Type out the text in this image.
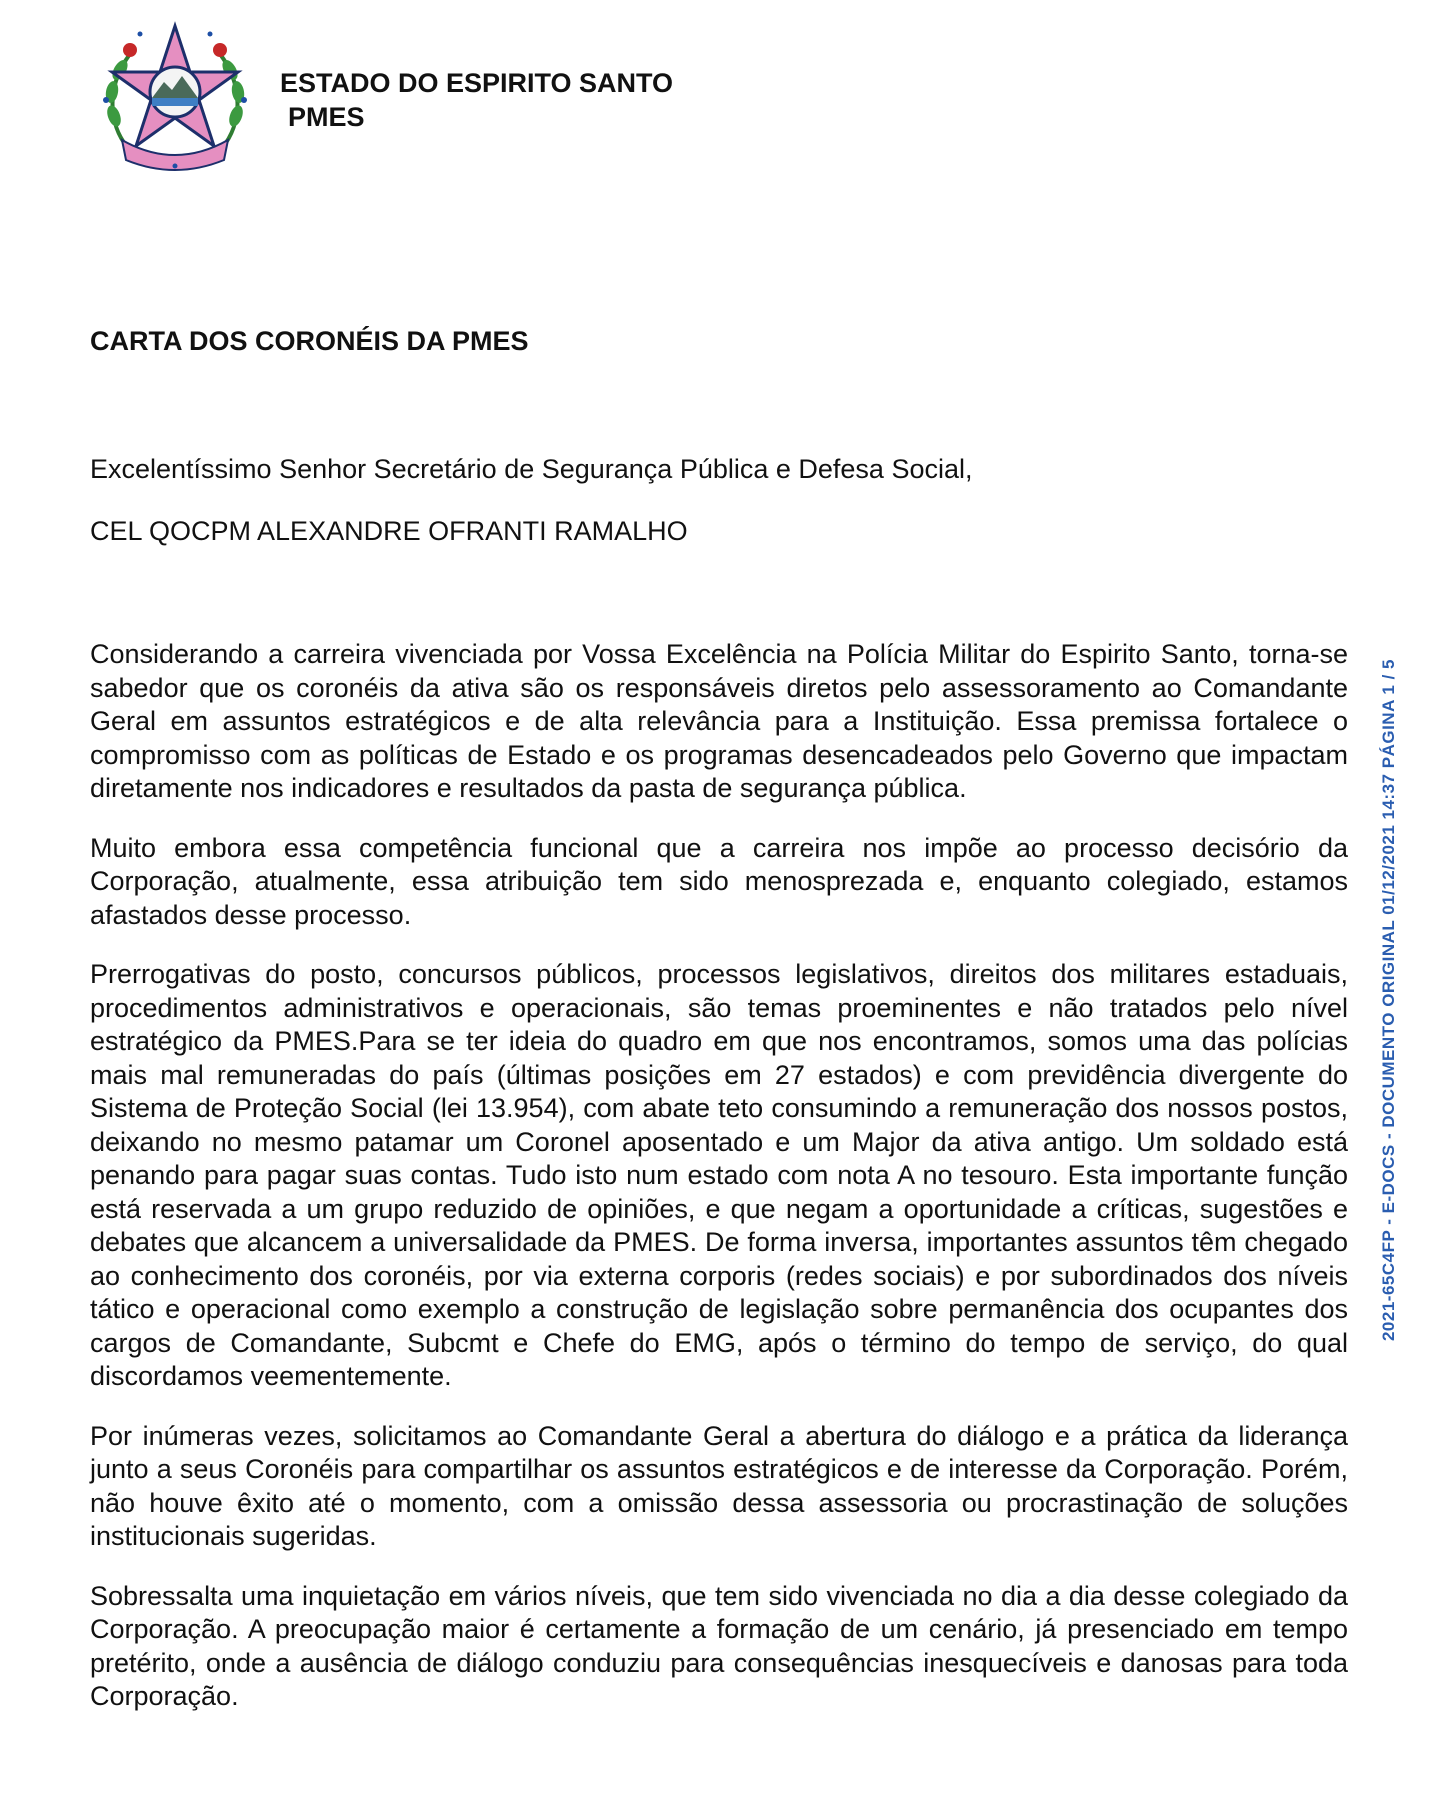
ESTADO DO ESPIRITO SANTO
PMES
CARTA DOS CORONÉIS DA PMES

Excelentíssimo Senhor Secretário de Segurança Pública e Defesa Social,

CEL QOCPM ALEXANDRE OFRANTI RAMALHO

Considerando a carreira vivenciada por Vossa Excelência na Polícia Militar do Espirito Santo, torna-se sabedor que os coronéis da ativa são os responsáveis diretos pelo assessoramento ao Comandante Geral em assuntos estratégicos e de alta relevância para a Instituição. Essa premissa fortalece o compromisso com as políticas de Estado e os programas desencadeados pelo Governo que impactam diretamente nos indicadores e resultados da pasta de segurança pública.

Muito embora essa competência funcional que a carreira nos impõe ao processo decisório da Corporação, atualmente, essa atribuição tem sido menosprezada e, enquanto colegiado, estamos afastados desse processo.

Prerrogativas do posto, concursos públicos, processos legislativos, direitos dos militares estaduais, procedimentos administrativos e operacionais, são temas proeminentes e não tratados pelo nível estratégico da PMES.Para se ter ideia do quadro em que nos encontramos, somos uma das polícias mais mal remuneradas do país (últimas posições em 27 estados) e com previdência divergente do Sistema de Proteção Social (lei 13.954), com abate teto consumindo a remuneração dos nossos postos, deixando no mesmo patamar um Coronel aposentado e um Major da ativa antigo. Um soldado está penando para pagar suas contas. Tudo isto num estado com nota A no tesouro. Esta importante função está reservada a um grupo reduzido de opiniões, e que negam a oportunidade a críticas, sugestões e debates que alcancem a universalidade da PMES. De forma inversa, importantes assuntos têm chegado ao conhecimento dos coronéis, por via externa corporis (redes sociais) e por subordinados dos níveis tático e operacional como exemplo a construção de legislação sobre permanência dos ocupantes dos cargos de Comandante, Subcmt e Chefe do EMG, após o término do tempo de serviço, do qual discordamos veementemente.

Por inúmeras vezes, solicitamos ao Comandante Geral a abertura do diálogo e a prática da liderança junto a seus Coronéis para compartilhar os assuntos estratégicos e de interesse da Corporação. Porém, não houve êxito até o momento, com a omissão dessa assessoria ou procrastinação de soluções institucionais sugeridas.

Sobressalta uma inquietação em vários níveis, que tem sido vivenciada no dia a dia desse colegiado da Corporação. A preocupação maior é certamente a formação de um cenário, já presenciado em tempo pretérito, onde a ausência de diálogo conduziu para consequências inesquecíveis e danosas para toda Corporação.

2021-65C4FP - E-DOCS - DOCUMENTO ORIGINAL 01/12/2021 14:37 PÁGINA 1 / 5
